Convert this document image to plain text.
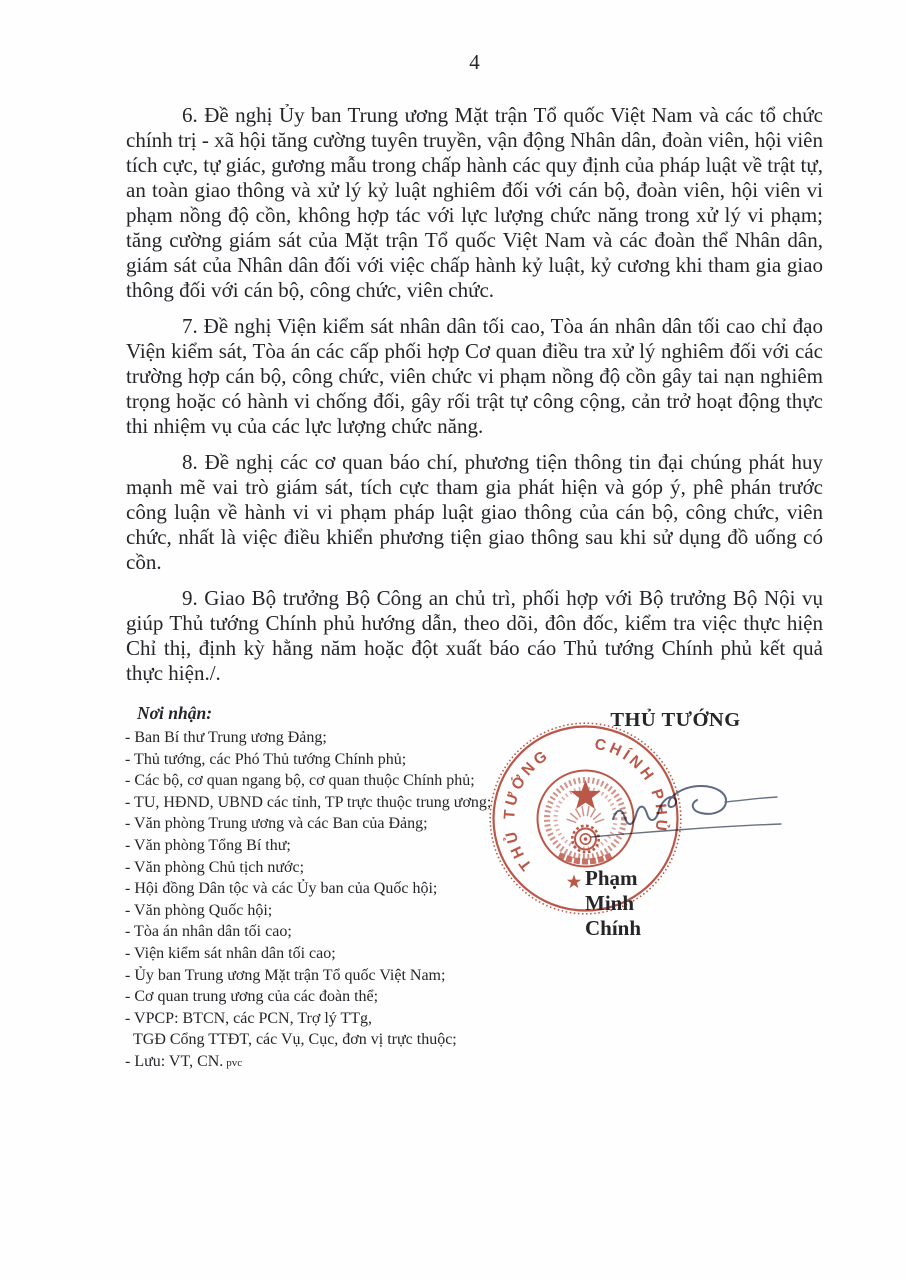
4

6. Đề nghị Ủy ban Trung ương Mặt trận Tổ quốc Việt Nam và các tổ chức chính trị - xã hội tăng cường tuyên truyền, vận động Nhân dân, đoàn viên, hội viên tích cực, tự giác, gương mẫu trong chấp hành các quy định của pháp luật về trật tự, an toàn giao thông và xử lý kỷ luật nghiêm đối với cán bộ, đoàn viên, hội viên vi phạm nồng độ cồn, không hợp tác với lực lượng chức năng trong xử lý vi phạm; tăng cường giám sát của Mặt trận Tổ quốc Việt Nam và các đoàn thể Nhân dân, giám sát của Nhân dân đối với việc chấp hành kỷ luật, kỷ cương khi tham gia giao thông đối với cán bộ, công chức, viên chức.

7. Đề nghị Viện kiểm sát nhân dân tối cao, Tòa án nhân dân tối cao chỉ đạo Viện kiểm sát, Tòa án các cấp phối hợp Cơ quan điều tra xử lý nghiêm đối với các trường hợp cán bộ, công chức, viên chức vi phạm nồng độ cồn gây tai nạn nghiêm trọng hoặc có hành vi chống đối, gây rối trật tự công cộng, cản trở hoạt động thực thi nhiệm vụ của các lực lượng chức năng.

8. Đề nghị các cơ quan báo chí, phương tiện thông tin đại chúng phát huy mạnh mẽ vai trò giám sát, tích cực tham gia phát hiện và góp ý, phê phán trước công luận về hành vi vi phạm pháp luật giao thông của cán bộ, công chức, viên chức, nhất là việc điều khiển phương tiện giao thông sau khi sử dụng đồ uống có cồn.

9. Giao Bộ trưởng Bộ Công an chủ trì, phối hợp với Bộ trưởng Bộ Nội vụ giúp Thủ tướng Chính phủ hướng dẫn, theo dõi, đôn đốc, kiểm tra việc thực hiện Chỉ thị, định kỳ hằng năm hoặc đột xuất báo cáo Thủ tướng Chính phủ kết quả thực hiện./.

Nơi nhận:
- Ban Bí thư Trung ương Đảng;
- Thủ tướng, các Phó Thủ tướng Chính phủ;
- Các bộ, cơ quan ngang bộ, cơ quan thuộc Chính phủ;
- TU, HĐND, UBND các tỉnh, TP trực thuộc trung ương;
- Văn phòng Trung ương và các Ban của Đảng;
- Văn phòng Tổng Bí thư;
- Văn phòng Chủ tịch nước;
- Hội đồng Dân tộc và các Ủy ban của Quốc hội;
- Văn phòng Quốc hội;
- Tòa án nhân dân tối cao;
- Viện kiểm sát nhân dân tối cao;
- Ủy ban Trung ương Mặt trận Tổ quốc Việt Nam;
- Cơ quan trung ương của các đoàn thể;
- VPCP: BTCN, các PCN, Trợ lý TTg,
TGĐ Cổng TTĐT, các Vụ, Cục, đơn vị trực thuộc;
- Lưu: VT, CN. pvc
THỦ TƯỚNG
THỦ TƯỚNG
CHÍNH PHỦ
Phạm Minh Chính
